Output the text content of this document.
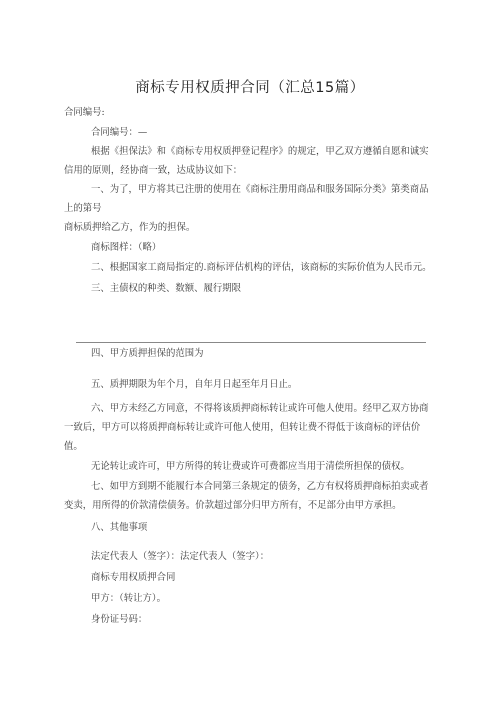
商标专用权质押合同（汇总15篇）
合同编号:
合同编号：—
根据《担保法》和《商标专用权质押登记程序》的规定，甲乙双方遵循自愿和诚实
信用的原则，经协商一致，达成协议如下：
一、为了，甲方将其已注册的使用在《商标注册用商品和服务国际分类》第类商品
上的第号
商标质押给乙方，作为的担保。
商标图样：（略）
二、根据国家工商局指定的.商标评估机构的评估，该商标的实际价值为人民币元。
三、主债权的种类、数额、履行期限
四、甲方质押担保的范围为
五、质押期限为年个月，自年月日起至年月日止。
六、甲方未经乙方同意，不得将该质押商标转让或许可他人使用。经甲乙双方协商
一致后，甲方可以将质押商标转让或许可他人使用，但转让费不得低于该商标的评估价
值。
无论转让或许可，甲方所得的转让费或许可费都应当用于清偿所担保的债权。
七、如甲方到期不能履行本合同第三条规定的债务，乙方有权将质押商标拍卖或者
变卖，用所得的价款清偿债务。价款超过部分归甲方所有，不足部分由甲方承担。
八、其他事项
法定代表人（签字）：法定代表人（签字）：
商标专用权质押合同
甲方：（转让方）。
身份证号码：
